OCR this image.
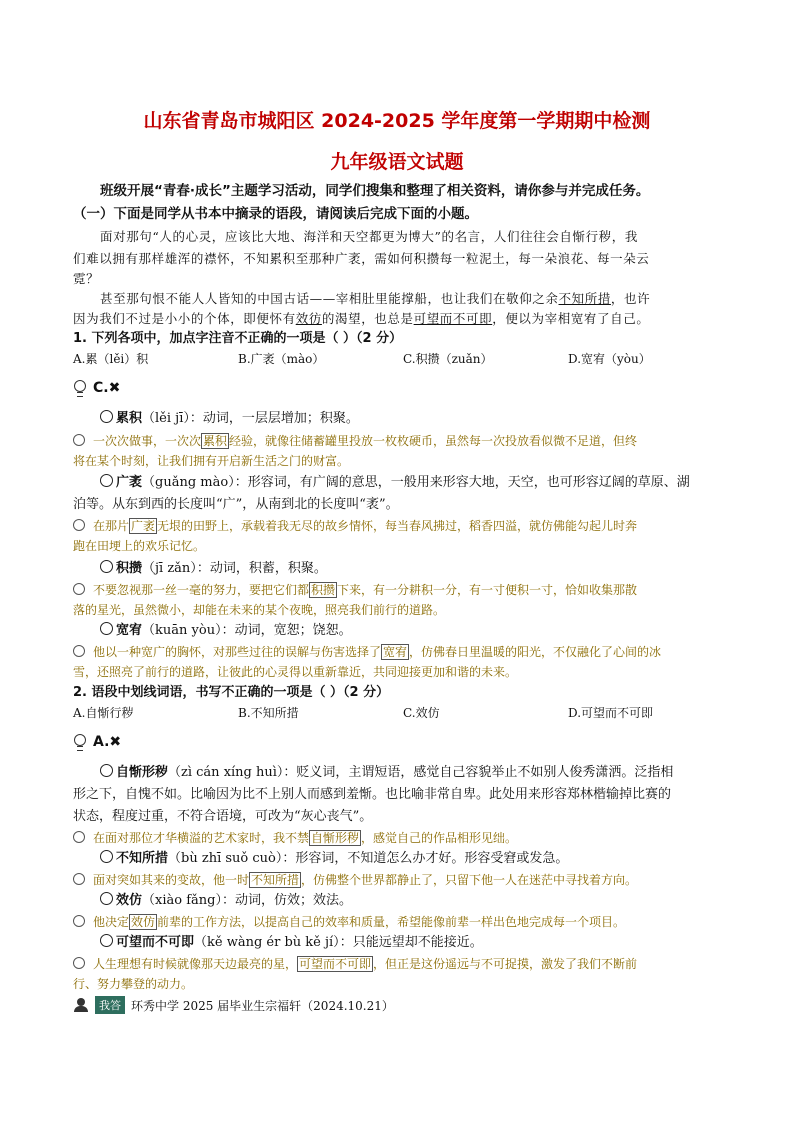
山东省青岛市城阳区 2024-2025 学年度第一学期期中检测
九年级语文试题
班级开展“青春·成长”主题学习活动，同学们搜集和整理了相关资料，请你参与并完成任务。
（一）下面是同学从书本中摘录的语段，请阅读后完成下面的小题。
面对那句“人的心灵，应该比大地、海洋和天空都更为博大”的名言，人们往往会自惭行秽，我
们难以拥有那样雄浑的襟怀，不知累积至那种广袤，需如何积攒每一粒泥土，每一朵浪花、每一朵云
霓？
甚至那句恨不能人人皆知的中国古话——宰相肚里能撑船，也让我们在敬仰之余不知所措，也许
因为我们不过是小小的个体，即便怀有效彷的渴望，也总是可望而不可即，便以为宰相宽宥了自己。
1. 下列各项中，加点字注音不正确的一项是（ ）（2 分）
A.累（lěi）积	B.广袤（mào）	C.积攒（zuǎn）	D.宽宥（yòu）
C.✖
累积（lěi jī）：动词，一层层增加；积聚。
一次次做事，一次次 累积 经验，就像往储蓄罐里投放一枚枚硬币，虽然每一次投放看似微不足道，但终
将在某个时刻，让我们拥有开启新生活之门的财富。
广袤（guǎng mào）：形容词，有广阔的意思，一般用来形容大地，天空，也可形容辽阔的草原、湖
泊等。从东到西的长度叫“广”，从南到北的长度叫“袤”。
在那片 广袤 无垠的田野上，承载着我无尽的故乡情怀，每当春风拂过，稻香四溢，就仿佛能勾起儿时奔
跑在田埂上的欢乐记忆。
积攒（jī zǎn）：动词，积蓄，积聚。
不要忽视那一丝一毫的努力，要把它们都 积攒 下来，有一分耕积一分，有一寸便积一寸，恰如收集那散
落的星光，虽然微小，却能在未来的某个夜晚，照亮我们前行的道路。
宽宥（kuān yòu）：动词，宽恕；饶恕。
他以一种宽广的胸怀，对那些过往的误解与伤害选择了 宽宥 ，仿佛春日里温暖的阳光，不仅融化了心间的冰
雪，还照亮了前行的道路，让彼此的心灵得以重新靠近，共同迎接更加和谐的未来。
2. 语段中划线词语，书写不正确的一项是（ ）（2 分）
A.自惭行秽	B.不知所措	C.效仿	D.可望而不可即
A.✖
自惭形秽（zì cán xíng huì）：贬义词，主谓短语，感觉自己容貌举止不如别人俊秀潇洒。泛指相
形之下，自愧不如。比喻因为比不上别人而感到羞惭。也比喻非常自卑。此处用来形容郑林楷输掉比赛的
状态，程度过重，不符合语境，可改为“灰心丧气”。
在面对那位才华横溢的艺术家时，我不禁 自惭形秽 ，感觉自己的作品相形见绌。
不知所措（bù zhī suǒ cuò）：形容词，不知道怎么办才好。形容受窘或发急。
面对突如其来的变故，他一时 不知所措 ，仿佛整个世界都静止了，只留下他一人在迷茫中寻找着方向。
效仿（xiào fǎng）：动词，仿效；效法。
他决定 效仿 前辈的工作方法，以提高自己的效率和质量，希望能像前辈一样出色地完成每一个项目。
可望而不可即（kě wàng ér bù kě jí）：只能远望却不能接近。
人生理想有时候就像那天边最亮的星， 可望而不可即 ，但正是这份遥远与不可捉摸，激发了我们不断前
行、努力攀登的动力。
我答 环秀中学 2025 届毕业生宗福轩（2024.10.21）
